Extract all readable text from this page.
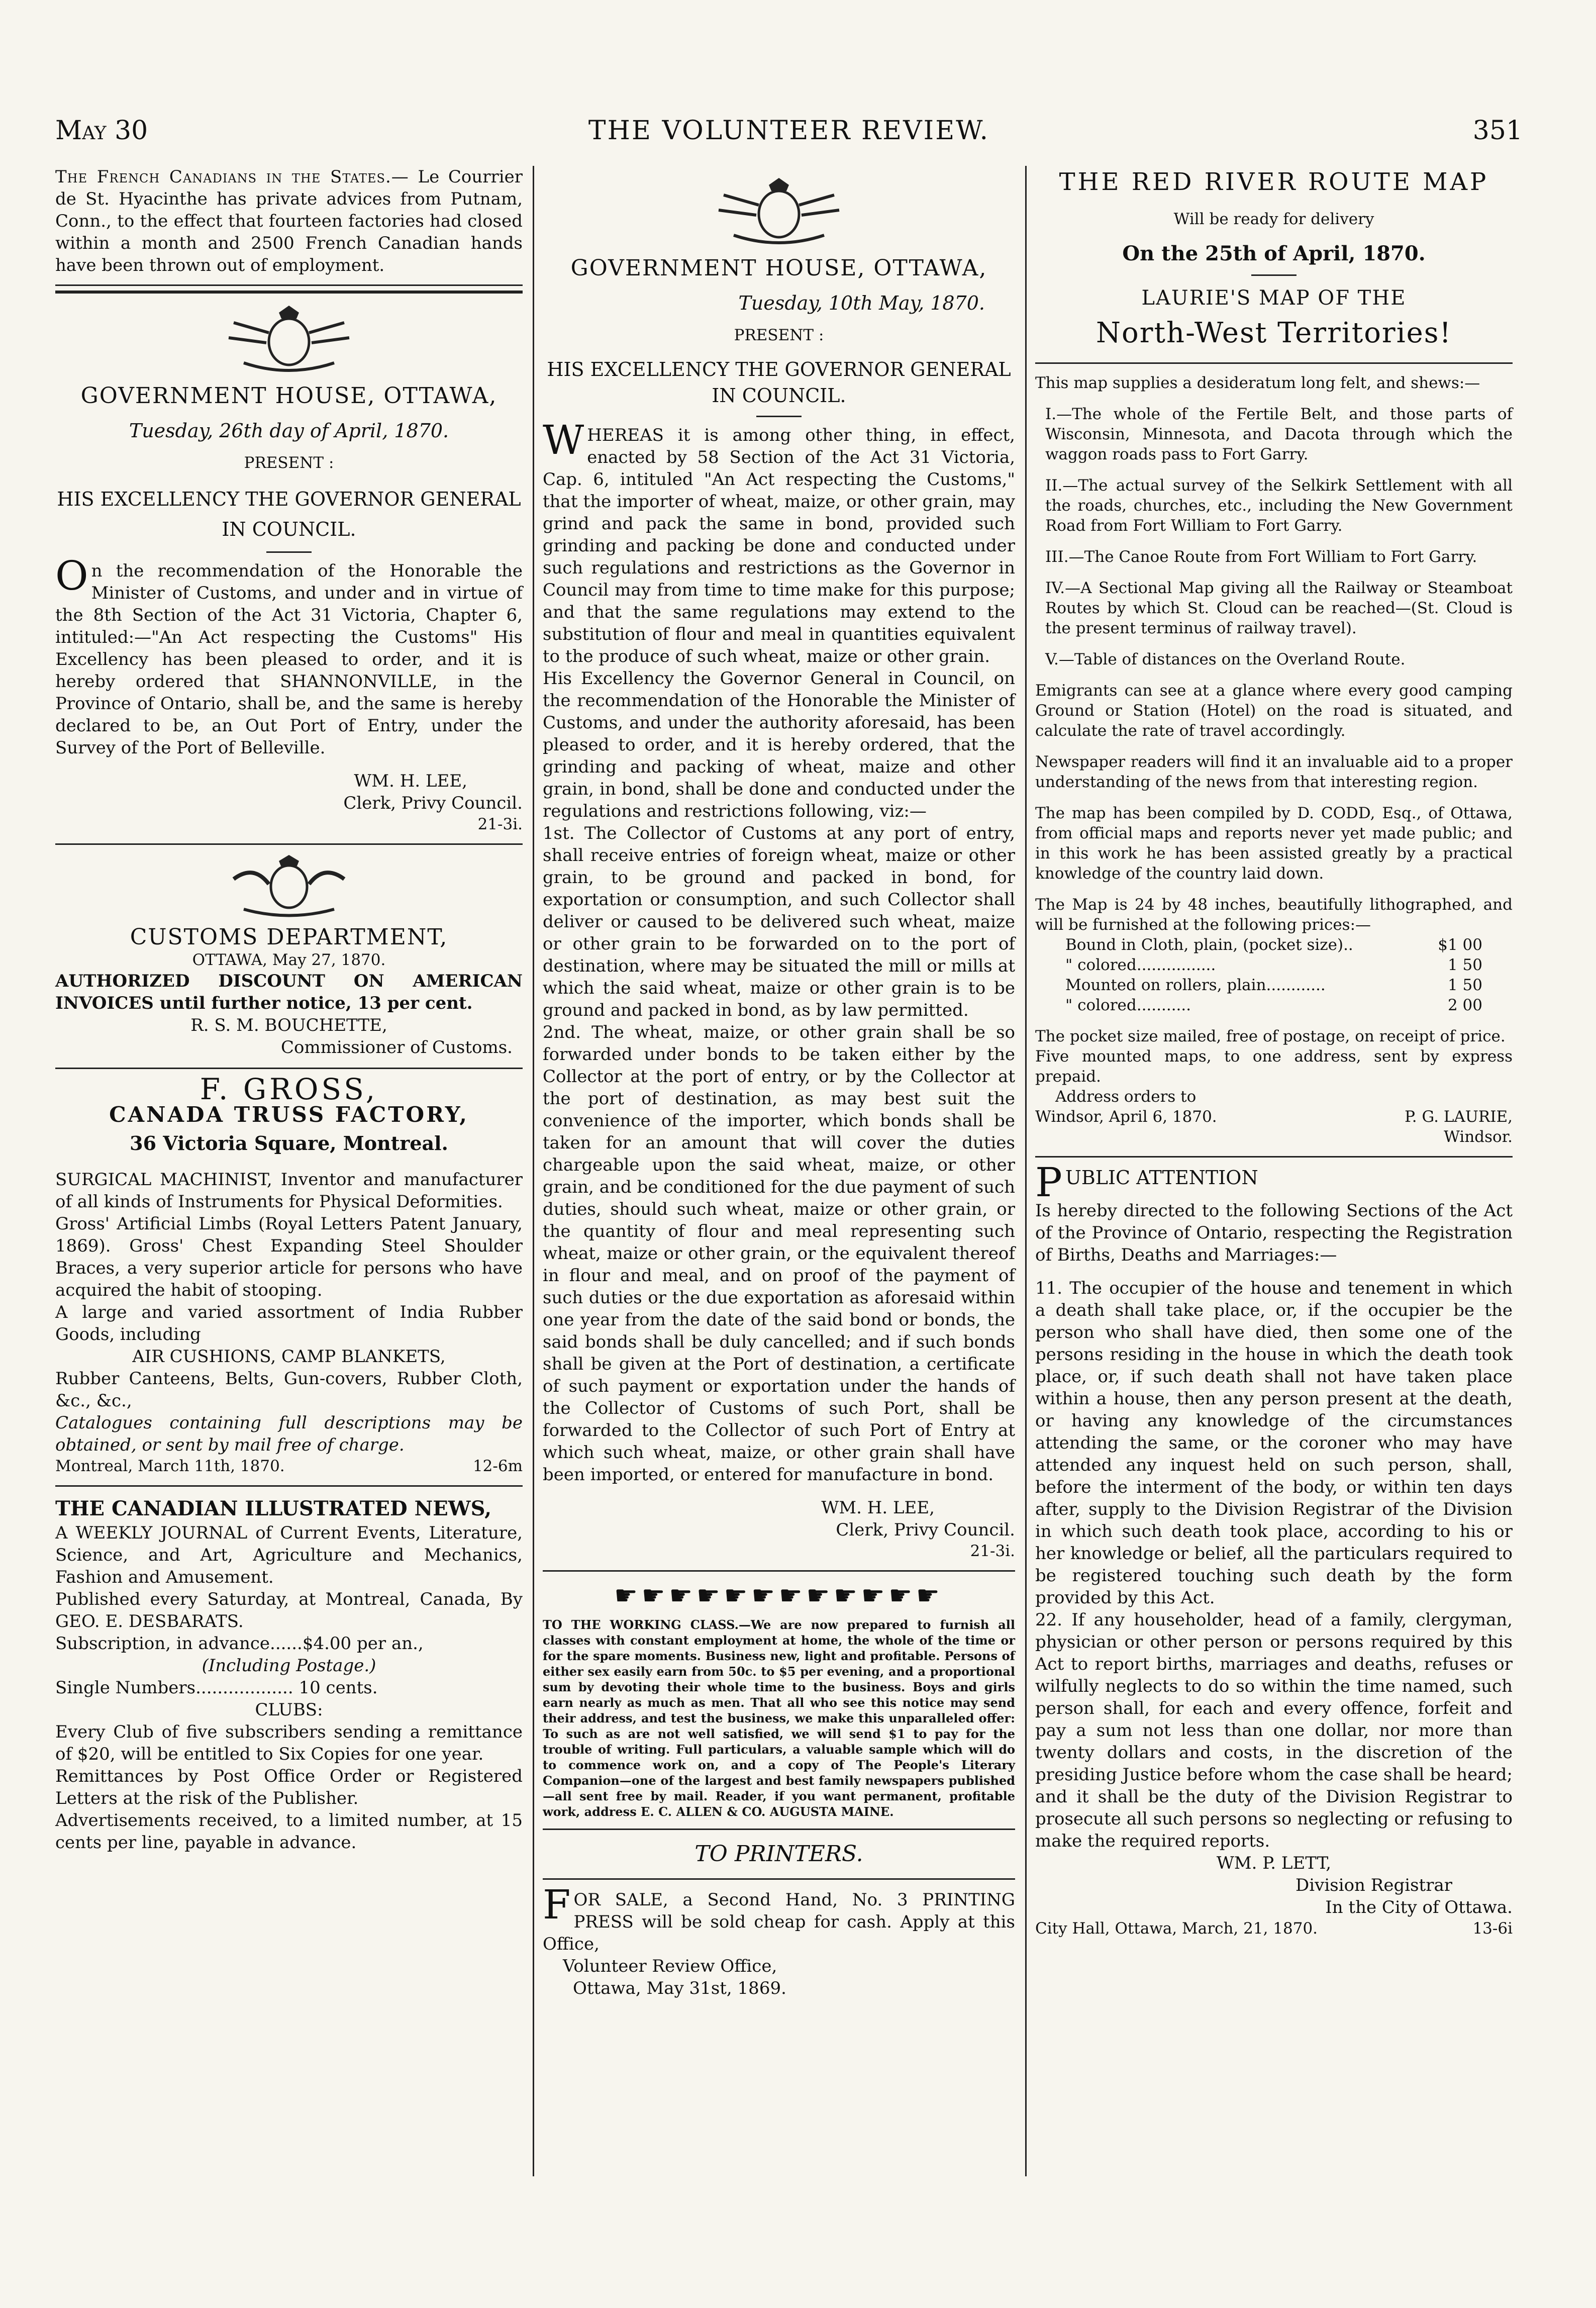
May 30	THE VOLUNTEER REVIEW.	351

The French Canadians in the States.— Le Courrier de St. Hyacinthe has private advices from Putnam, Conn., to the effect that fourteen factories had closed within a month and 2500 French Canadian hands have been thrown out of employment.

GOVERNMENT HOUSE, OTTAWA,

Tuesday, 26th day of April, 1870.

PRESENT :

HIS EXCELLENCY THE GOVERNOR GENERAL IN COUNCIL.

On the recommendation of the Honorable the Minister of Customs, and under and in virtue of the 8th Section of the Act 31 Victoria, Chapter 6, intituled:—"An Act respecting the Customs" His Excellency has been pleased to order, and it is hereby ordered that SHANNONVILLE, in the Province of Ontario, shall be, and the same is hereby declared to be, an Out Port of Entry, under the Survey of the Port of Belleville.

WM. H. LEE,

Clerk, Privy Council.

21-3i.

CUSTOMS DEPARTMENT,

OTTAWA, May 27, 1870.

AUTHORIZED DISCOUNT ON AMERICAN INVOICES until further notice, 13 per cent.

R. S. M. BOUCHETTE,

Commissioner of Customs.

F. GROSS,

CANADA TRUSS FACTORY,

36 Victoria Square, Montreal.

SURGICAL MACHINIST, Inventor and manufacturer of all kinds of Instruments for Physical Deformities.

Gross' Artificial Limbs (Royal Letters Patent January, 1869). Gross' Chest Expanding Steel Shoulder Braces, a very superior article for persons who have acquired the habit of stooping.

A large and varied assortment of India Rubber Goods, including

AIR CUSHIONS, CAMP BLANKETS,

Rubber Canteens, Belts, Gun-covers, Rubber Cloth, &c., &c.,

Catalogues containing full descriptions may be obtained, or sent by mail free of charge.

Montreal, March 11th, 1870.	12-6m

THE CANADIAN ILLUSTRATED NEWS,

A WEEKLY JOURNAL of Current Events, Literature, Science, and Art, Agriculture and Mechanics, Fashion and Amusement.

Published every Saturday, at Montreal, Canada, By GEO. E. DESBARATS.

Subscription, in advance......$4.00 per an.,

(Including Postage.)

Single Numbers.................. 10 cents.

CLUBS:

Every Club of five subscribers sending a remittance of $20, will be entitled to Six Copies for one year.

Remittances by Post Office Order or Registered Letters at the risk of the Publisher.

Advertisements received, to a limited number, at 15 cents per line, payable in advance.

GOVERNMENT HOUSE, OTTAWA,

Tuesday, 10th May, 1870.

PRESENT :

HIS EXCELLENCY THE GOVERNOR GENERAL IN COUNCIL.

WHEREAS it is among other thing, in effect, enacted by 58 Section of the Act 31 Victoria, Cap. 6, intituled "An Act respecting the Customs," that the importer of wheat, maize, or other grain, may grind and pack the same in bond, provided such grinding and packing be done and conducted under such regulations and restrictions as the Governor in Council may from time to time make for this purpose; and that the same regulations may extend to the substitution of flour and meal in quantities equivalent to the produce of such wheat, maize or other grain.

His Excellency the Governor General in Council, on the recommendation of the Honorable the Minister of Customs, and under the authority aforesaid, has been pleased to order, and it is hereby ordered, that the grinding and packing of wheat, maize and other grain, in bond, shall be done and conducted under the regulations and restrictions following, viz:—

1st. The Collector of Customs at any port of entry, shall receive entries of foreign wheat, maize or other grain, to be ground and packed in bond, for exportation or consumption, and such Collector shall deliver or caused to be delivered such wheat, maize or other grain to be forwarded on to the port of destination, where may be situated the mill or mills at which the said wheat, maize or other grain is to be ground and packed in bond, as by law permitted.

2nd. The wheat, maize, or other grain shall be so forwarded under bonds to be taken either by the Collector at the port of entry, or by the Collector at the port of destination, as may best suit the convenience of the importer, which bonds shall be taken for an amount that will cover the duties chargeable upon the said wheat, maize, or other grain, and be conditioned for the due payment of such duties, should such wheat, maize or other grain, or the quantity of flour and meal representing such wheat, maize or other grain, or the equivalent thereof in flour and meal, and on proof of the payment of such duties or the due exportation as aforesaid within one year from the date of the said bond or bonds, the said bonds shall be duly cancelled; and if such bonds shall be given at the Port of destination, a certificate of such payment or exportation under the hands of the Collector of Customs of such Port, shall be forwarded to the Collector of such Port of Entry at which such wheat, maize, or other grain shall have been imported, or entered for manufacture in bond.

WM. H. LEE,

Clerk, Privy Council.

21-3i.

☛☛☛☛☛☛☛☛☛☛☛☛

TO THE WORKING CLASS.—We are now prepared to furnish all classes with constant employment at home, the whole of the time or for the spare moments. Business new, light and profitable. Persons of either sex easily earn from 50c. to $5 per evening, and a proportional sum by devoting their whole time to the business. Boys and girls earn nearly as much as men. That all who see this notice may send their address, and test the business, we make this unparalleled offer: To such as are not well satisfied, we will send $1 to pay for the trouble of writing. Full particulars, a valuable sample which will do to commence work on, and a copy of The People's Literary Companion—one of the largest and best family newspapers published—all sent free by mail. Reader, if you want permanent, profitable work, address E. C. ALLEN & CO. AUGUSTA MAINE.

TO PRINTERS.

FOR SALE, a Second Hand, No. 3 PRINTING PRESS will be sold cheap for cash. Apply at this Office,

Volunteer Review Office,

Ottawa, May 31st, 1869.

THE RED RIVER ROUTE MAP

Will be ready for delivery

On the 25th of April, 1870.

LAURIE'S MAP OF THE

North-West Territories!

This map supplies a desideratum long felt, and shews:—

I.—The whole of the Fertile Belt, and those parts of Wisconsin, Minnesota, and Dacota through which the waggon roads pass to Fort Garry.

II.—The actual survey of the Selkirk Settlement with all the roads, churches, etc., including the New Government Road from Fort William to Fort Garry.

III.—The Canoe Route from Fort William to Fort Garry.

IV.—A Sectional Map giving all the Railway or Steamboat Routes by which St. Cloud can be reached—(St. Cloud is the present terminus of railway travel).

V.—Table of distances on the Overland Route.

Emigrants can see at a glance where every good camping Ground or Station (Hotel) on the road is situated, and calculate the rate of travel accordingly.

Newspaper readers will find it an invaluable aid to a proper understanding of the news from that interesting region.

The map has been compiled by D. CODD, Esq., of Ottawa, from official maps and reports never yet made public; and in this work he has been assisted greatly by a practical knowledge of the country laid down.

The Map is 24 by 48 inches, beautifully lithographed, and will be furnished at the following prices:—

Bound in Cloth, plain, (pocket size)..	$1 00
" colored................	1 50
Mounted on rollers, plain............	1 50
" colored...........	2 00

The pocket size mailed, free of postage, on receipt of price.

Five mounted maps, to one address, sent by express prepaid.

Address orders to

Windsor, April 6, 1870.	P. G. LAURIE,
Windsor.

PUBLIC ATTENTION

Is hereby directed to the following Sections of the Act of the Province of Ontario, respecting the Registration of Births, Deaths and Marriages:—

11. The occupier of the house and tenement in which a death shall take place, or, if the occupier be the person who shall have died, then some one of the persons residing in the house in which the death took place, or, if such death shall not have taken place within a house, then any person present at the death, or having any knowledge of the circumstances attending the same, or the coroner who may have attended any inquest held on such person, shall, before the interment of the body, or within ten days after, supply to the Division Registrar of the Division in which such death took place, according to his or her knowledge or belief, all the particulars required to be registered touching such death by the form provided by this Act.

22. If any householder, head of a family, clergyman, physician or other person or persons required by this Act to report births, marriages and deaths, refuses or wilfully neglects to do so within the time named, such person shall, for each and every offence, forfeit and pay a sum not less than one dollar, nor more than twenty dollars and costs, in the discretion of the presiding Justice before whom the case shall be heard; and it shall be the duty of the Division Registrar to prosecute all such persons so neglecting or refusing to make the required reports.

WM. P. LETT,

Division Registrar

In the City of Ottawa.

City Hall, Ottawa, March, 21, 1870.	13-6i
